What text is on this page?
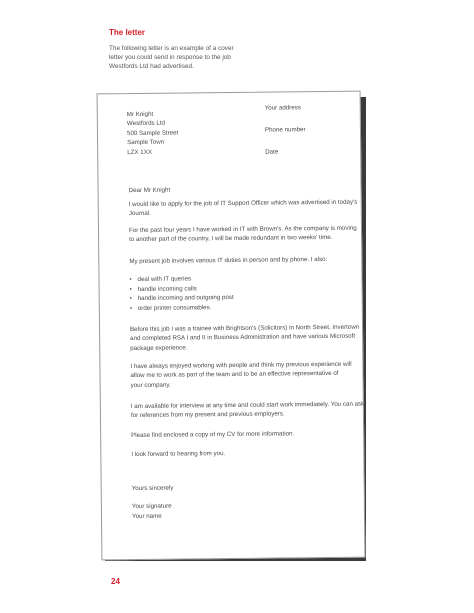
The letter
The following letter is an example of a cover
letter you could send in response to the job
Westfords Ltd had advertised.
Mr Knight
Westfords Ltd
500 Sample Street
Sample Town
LZX 1XX
Your address
Phone number
Date
Dear Mr Knight
I would like to apply for the job of IT Support Officer which was advertised in today's
Journal.
For the past four years I have worked in IT with Brown's. As the company is moving
to another part of the country, I will be made redundant in two weeks' time.
My present job involves various IT duties in person and by phone. I also:
• deal with IT queries
• handle incoming calls
• handle incoming and outgoing post
• order printer consumables.
Before this job I was a trainee with Brightson's (Solicitors) in North Street, Invertown
and completed RSA I and II in Business Administration and have various Microsoft
package experience.
I have always enjoyed working with people and think my previous experience will
allow me to work as part of the team and to be an effective representative of
your company.
I am available for interview at any time and could start work immediately. You can ask
for references from my present and previous employers.
Please find enclosed a copy of my CV for more information.
I look forward to hearing from you.
Yours sincerely
Your signature
Your name
24
